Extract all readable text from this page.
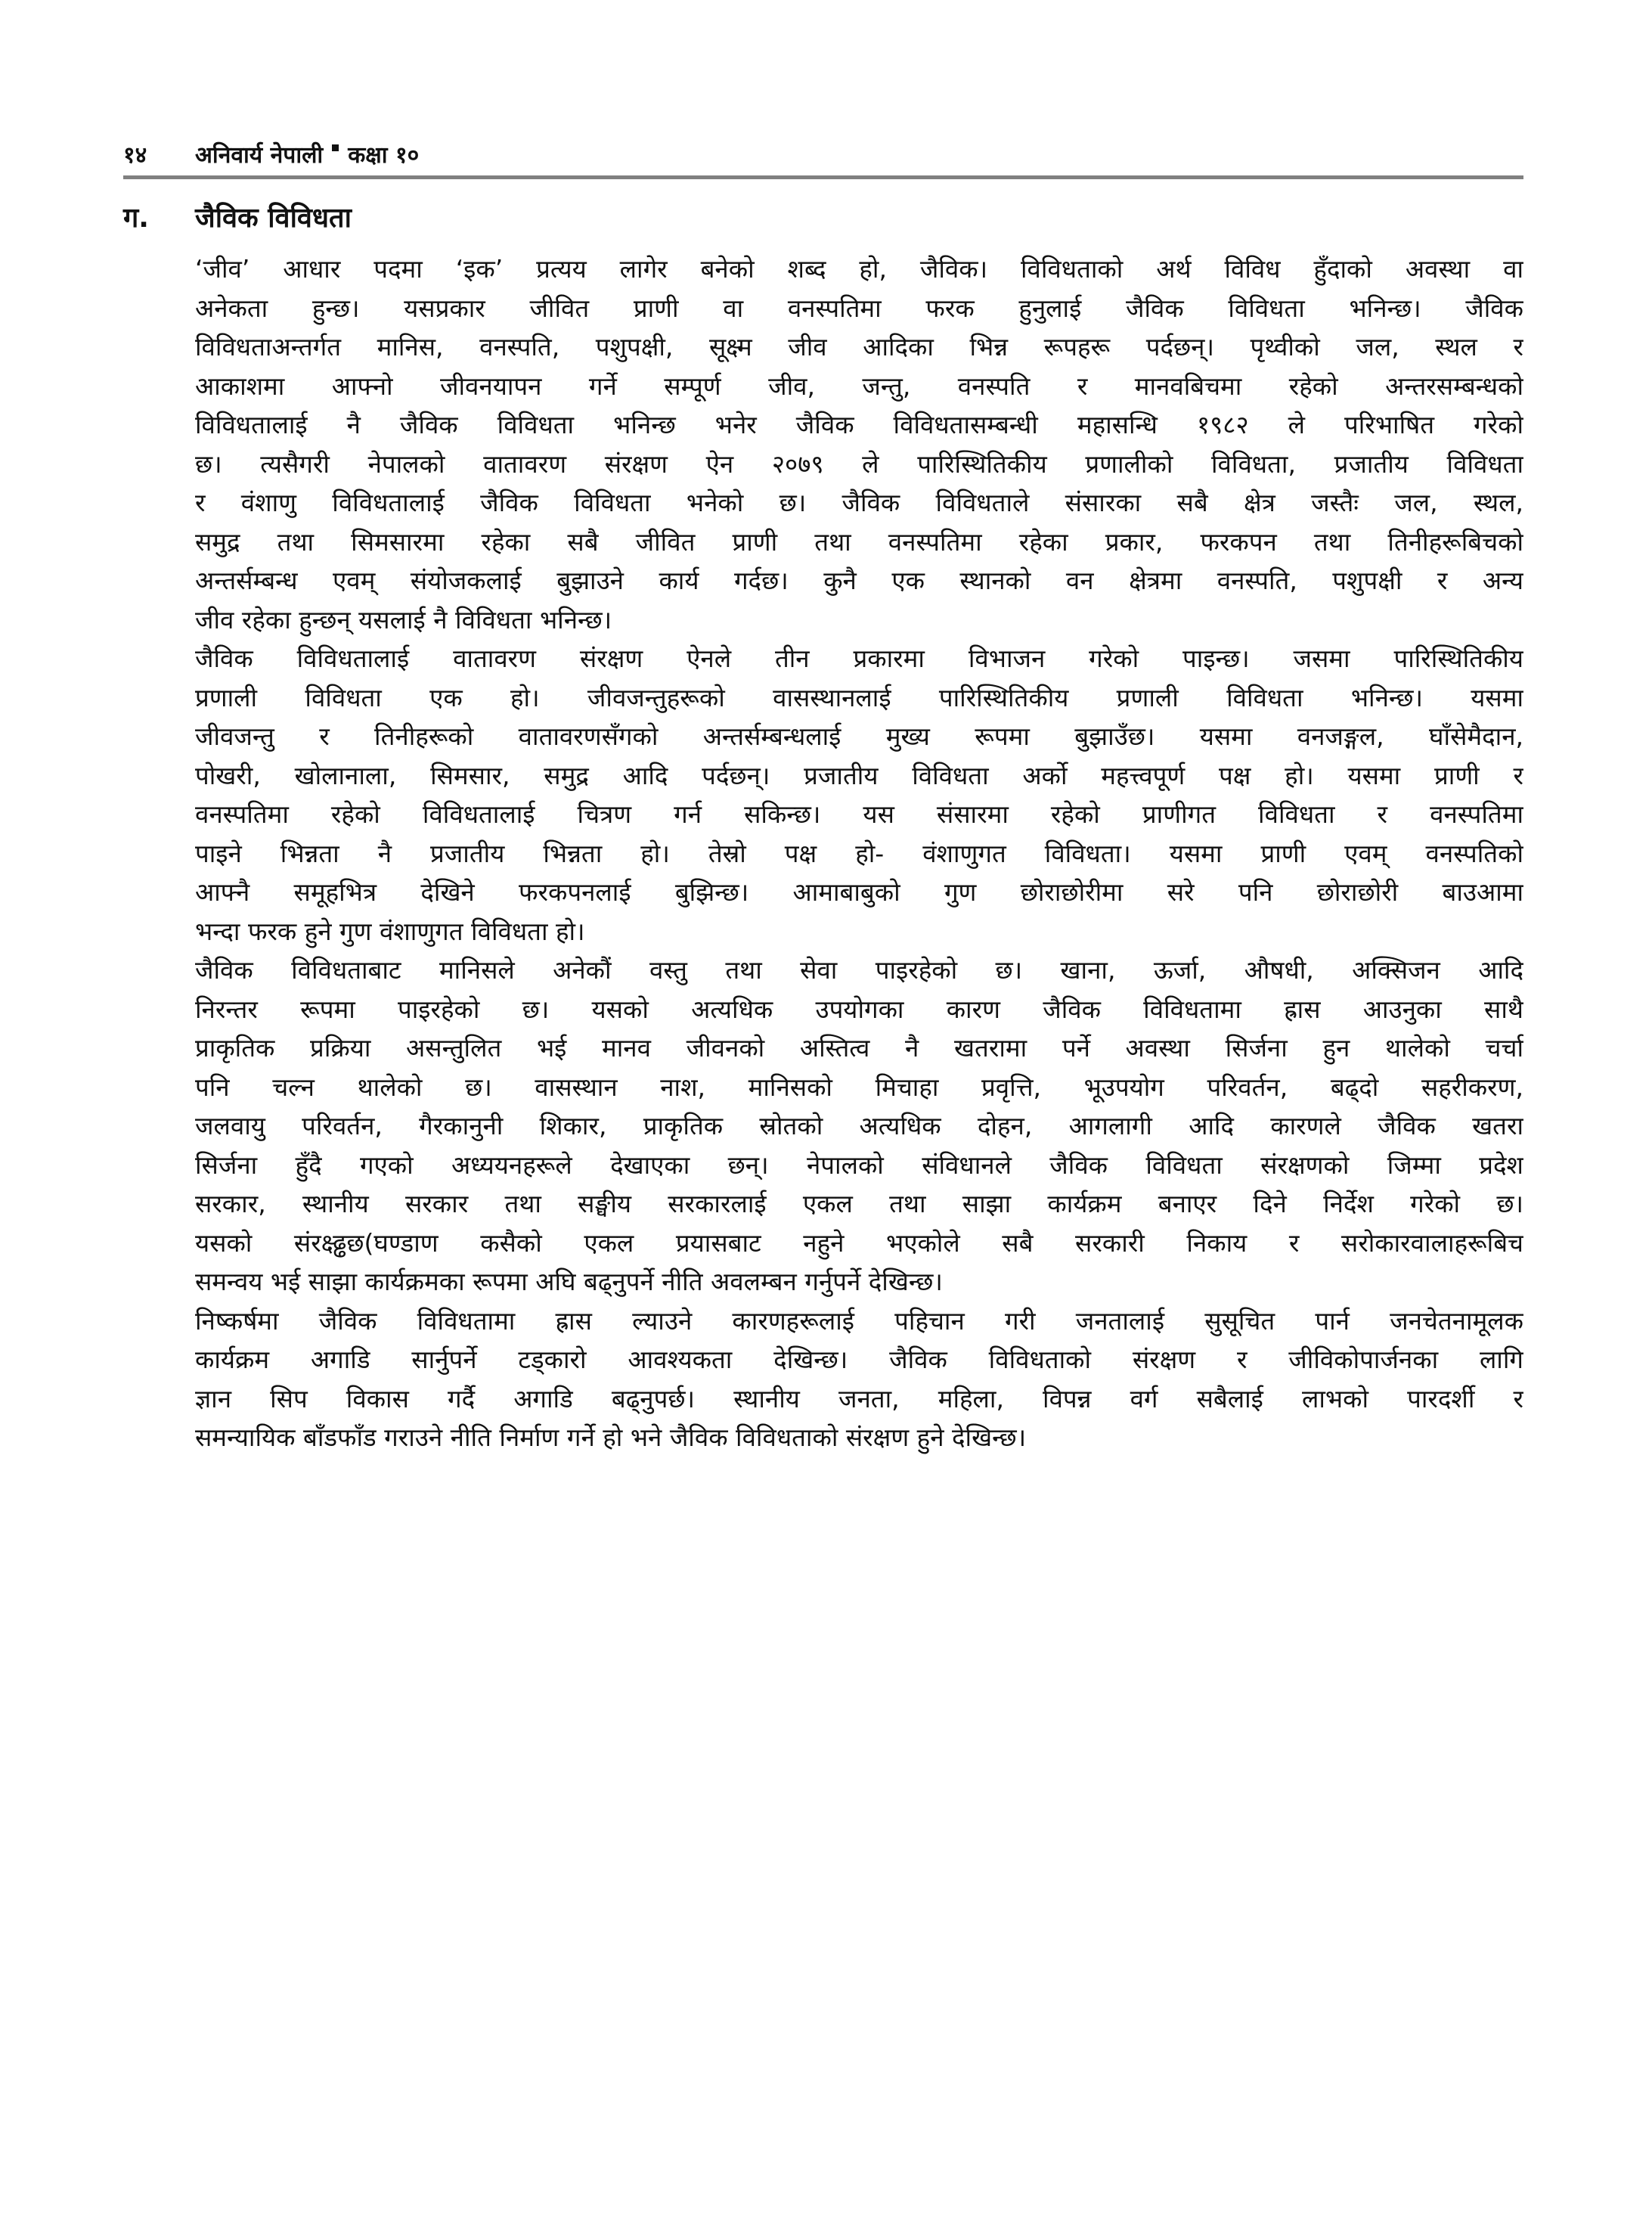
१४	अनिवार्य नेपाली कक्षा १०
ग.	जैविक विविधता
‘जीव’ आधार पदमा ‘इक’ प्रत्यय लागेर बनेको शब्द हो, जैविक। विविधताको अर्थ विविध हुँदाको अवस्था वा
अनेकता हुन्छ। यसप्रकार जीवित प्राणी वा वनस्पतिमा फरक हुनुलाई जैविक विविधता भनिन्छ। जैविक
विविधताअन्तर्गत मानिस, वनस्पति, पशुपक्षी, सूक्ष्म जीव आदिका भिन्न रूपहरू पर्दछन्। पृथ्वीको जल, स्थल र
आकाशमा आफ्नो जीवनयापन गर्ने सम्पूर्ण जीव, जन्तु, वनस्पति र मानवबिचमा रहेको अन्तरसम्बन्धको
विविधतालाई नै जैविक विविधता भनिन्छ भनेर जैविक विविधतासम्बन्धी महासन्धि १९८२ ले परिभाषित गरेको
छ। त्यसैगरी नेपालको वातावरण संरक्षण ऐन २०७९ ले पारिस्थितिकीय प्रणालीको विविधता, प्रजातीय विविधता
र वंशाणु विविधतालाई जैविक विविधता भनेको छ। जैविक विविधताले संसारका सबै क्षेत्र जस्तैः जल, स्थल,
समुद्र तथा सिमसारमा रहेका सबै जीवित प्राणी तथा वनस्पतिमा रहेका प्रकार, फरकपन तथा तिनीहरूबिचको
अन्तर्सम्बन्ध एवम् संयोजकलाई बुझाउने कार्य गर्दछ। कुनै एक स्थानको वन क्षेत्रमा वनस्पति, पशुपक्षी र अन्य
जीव रहेका हुन्छन् यसलाई नै विविधता भनिन्छ।
जैविक विविधतालाई वातावरण संरक्षण ऐनले तीन प्रकारमा विभाजन गरेको पाइन्छ। जसमा पारिस्थितिकीय
प्रणाली विविधता एक हो। जीवजन्तुहरूको वासस्थानलाई पारिस्थितिकीय प्रणाली विविधता भनिन्छ। यसमा
जीवजन्तु र तिनीहरूको वातावरणसँगको अन्तर्सम्बन्धलाई मुख्य रूपमा बुझाउँछ। यसमा वनजङ्गल, घाँसेमैदान,
पोखरी, खोलानाला, सिमसार, समुद्र आदि पर्दछन्। प्रजातीय विविधता अर्को महत्त्वपूर्ण पक्ष हो। यसमा प्राणी र
वनस्पतिमा रहेको विविधतालाई चित्रण गर्न सकिन्छ। यस संसारमा रहेको प्राणीगत विविधता र वनस्पतिमा
पाइने भिन्नता नै प्रजातीय भिन्नता हो। तेस्रो पक्ष हो- वंशाणुगत विविधता। यसमा प्राणी एवम् वनस्पतिको
आफ्नै समूहभित्र देखिने फरकपनलाई बुझिन्छ। आमाबाबुको गुण छोराछोरीमा सरे पनि छोराछोरी बाउआमा
भन्दा फरक हुने गुण वंशाणुगत विविधता हो।
जैविक विविधताबाट मानिसले अनेकौं वस्तु तथा सेवा पाइरहेको छ। खाना, ऊर्जा, औषधी, अक्सिजन आदि
निरन्तर रूपमा पाइरहेको छ। यसको अत्यधिक उपयोगका कारण जैविक विविधतामा ह्रास आउनुका साथै
प्राकृतिक प्रक्रिया असन्तुलित भई मानव जीवनको अस्तित्व नै खतरामा पर्ने अवस्था सिर्जना हुन थालेको चर्चा
पनि चल्न थालेको छ। वासस्थान नाश, मानिसको मिचाहा प्रवृत्ति, भूउपयोग परिवर्तन, बढ्दो सहरीकरण,
जलवायु परिवर्तन, गैरकानुनी शिकार, प्राकृतिक स्रोतको अत्यधिक दोहन, आगलागी आदि कारणले जैविक खतरा
सिर्जना हुँदै गएको अध्ययनहरूले देखाएका छन्। नेपालको संविधानले जैविक विविधता संरक्षणको जिम्मा प्रदेश
सरकार, स्थानीय सरकार तथा सङ्घीय सरकारलाई एकल तथा साझा कार्यक्रम बनाएर दिने निर्देश गरेको छ।
यसको संरक्ष्ढ्ढछ(घण्डाण कसैको एकल प्रयासबाट नहुने भएकोले सबै सरकारी निकाय र सरोकारवालाहरूबिच
समन्वय भई साझा कार्यक्रमका रूपमा अघि बढ्नुपर्ने नीति अवलम्बन गर्नुपर्ने देखिन्छ।
निष्कर्षमा जैविक विविधतामा ह्रास ल्याउने कारणहरूलाई पहिचान गरी जनतालाई सुसूचित पार्न जनचेतनामूलक
कार्यक्रम अगाडि सार्नुपर्ने टड्कारो आवश्यकता देखिन्छ। जैविक विविधताको संरक्षण र जीविकोपार्जनका लागि
ज्ञान सिप विकास गर्दै अगाडि बढ्नुपर्छ। स्थानीय जनता, महिला, विपन्न वर्ग सबैलाई लाभको पारदर्शी र
समन्यायिक बाँडफाँड गराउने नीति निर्माण गर्ने हो भने जैविक विविधताको संरक्षण हुने देखिन्छ।
